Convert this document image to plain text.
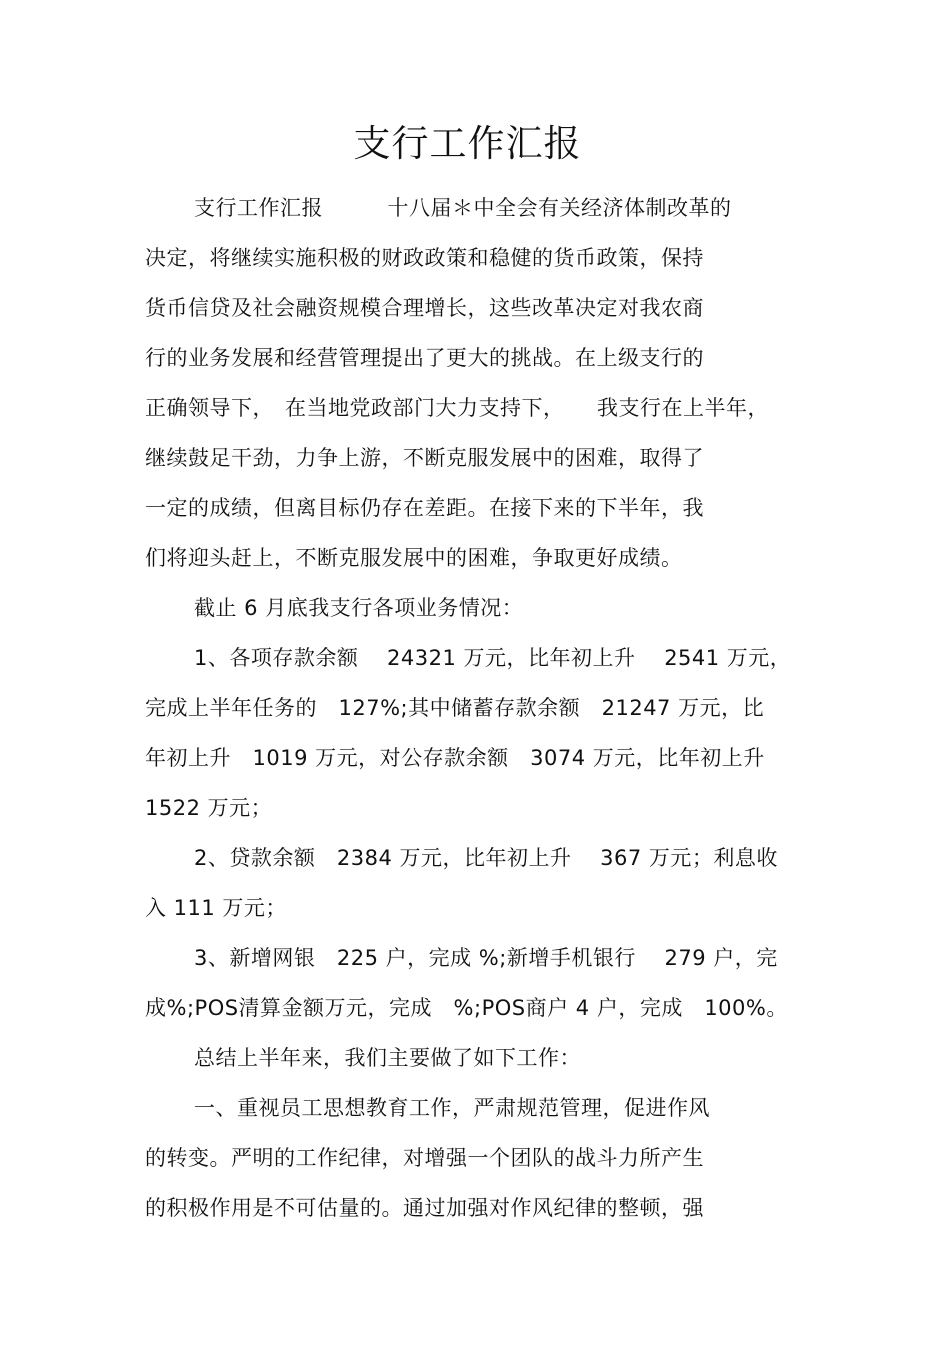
支行工作汇报
支行工作汇报　　　十八届＊中全会有关经济体制改革的
决定，将继续实施积极的财政政策和稳健的货币政策，保持
货币信贷及社会融资规模合理增长，这些改革决定对我农商
行的业务发展和经营管理提出了更大的挑战。在上级支行的
正确领导下，　在当地党政部门大力支持下，　　我支行在上半年，
继续鼓足干劲，力争上游，不断克服发展中的困难，取得了
一定的成绩，但离目标仍存在差距。在接下来的下半年，我
们将迎头赶上，不断克服发展中的困难，争取更好成绩。
截止 6 月底我支行各项业务情况：
1、各项存款余额　 24321 万元，比年初上升　 2541 万元，
完成上半年任务的　127%;其中储蓄存款余额　21247 万元，比
年初上升　1019 万元，对公存款余额　3074 万元，比年初上升
1522 万元；
2、贷款余额　2384 万元，比年初上升　 367 万元；利息收
入 111 万元；
3、新增网银　225 户，完成 %;新增手机银行　 279 户，完
成%;POS清算金额万元，完成　%;POS商户 4 户，完成　100%。
总结上半年来，我们主要做了如下工作：
一、重视员工思想教育工作，严肃规范管理，促进作风
的转变。严明的工作纪律，对增强一个团队的战斗力所产生
的积极作用是不可估量的。通过加强对作风纪律的整顿，强
